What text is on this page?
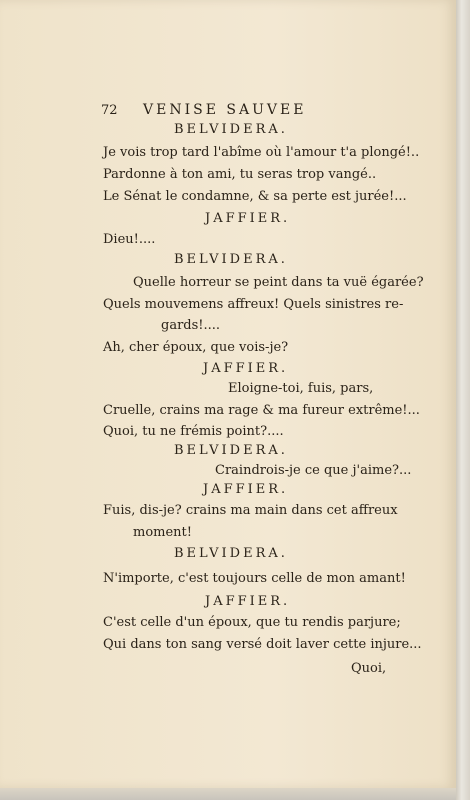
72 VENISE SAUVEE

BELVIDERA.

Je vois trop tard l'abîme où l'amour t'a plongé!..

Pardonne à ton ami, tu seras trop vangé..

Le Sénat le condamne, & sa perte est jurée!...

JAFFIER.

Dieu!....

BELVIDERA.

Quelle horreur se peint dans ta vuë égarée?

Quels mouvemens affreux! Quels sinistres re-

gards!....

Ah, cher époux, que vois-je?

JAFFIER.

Eloigne-toi, fuis, pars,

Cruelle, crains ma rage & ma fureur extrême!...

Quoi, tu ne frémis point?....

BELVIDERA.

Craindrois-je ce que j'aime?...

JAFFIER.

Fuis, dis-je? crains ma main dans cet affreux

moment!

BELVIDERA.

N'importe, c'est toujours celle de mon amant!

JAFFIER.

C'est celle d'un époux, que tu rendis parjure;

Qui dans ton sang versé doit laver cette injure...

Quoi,
